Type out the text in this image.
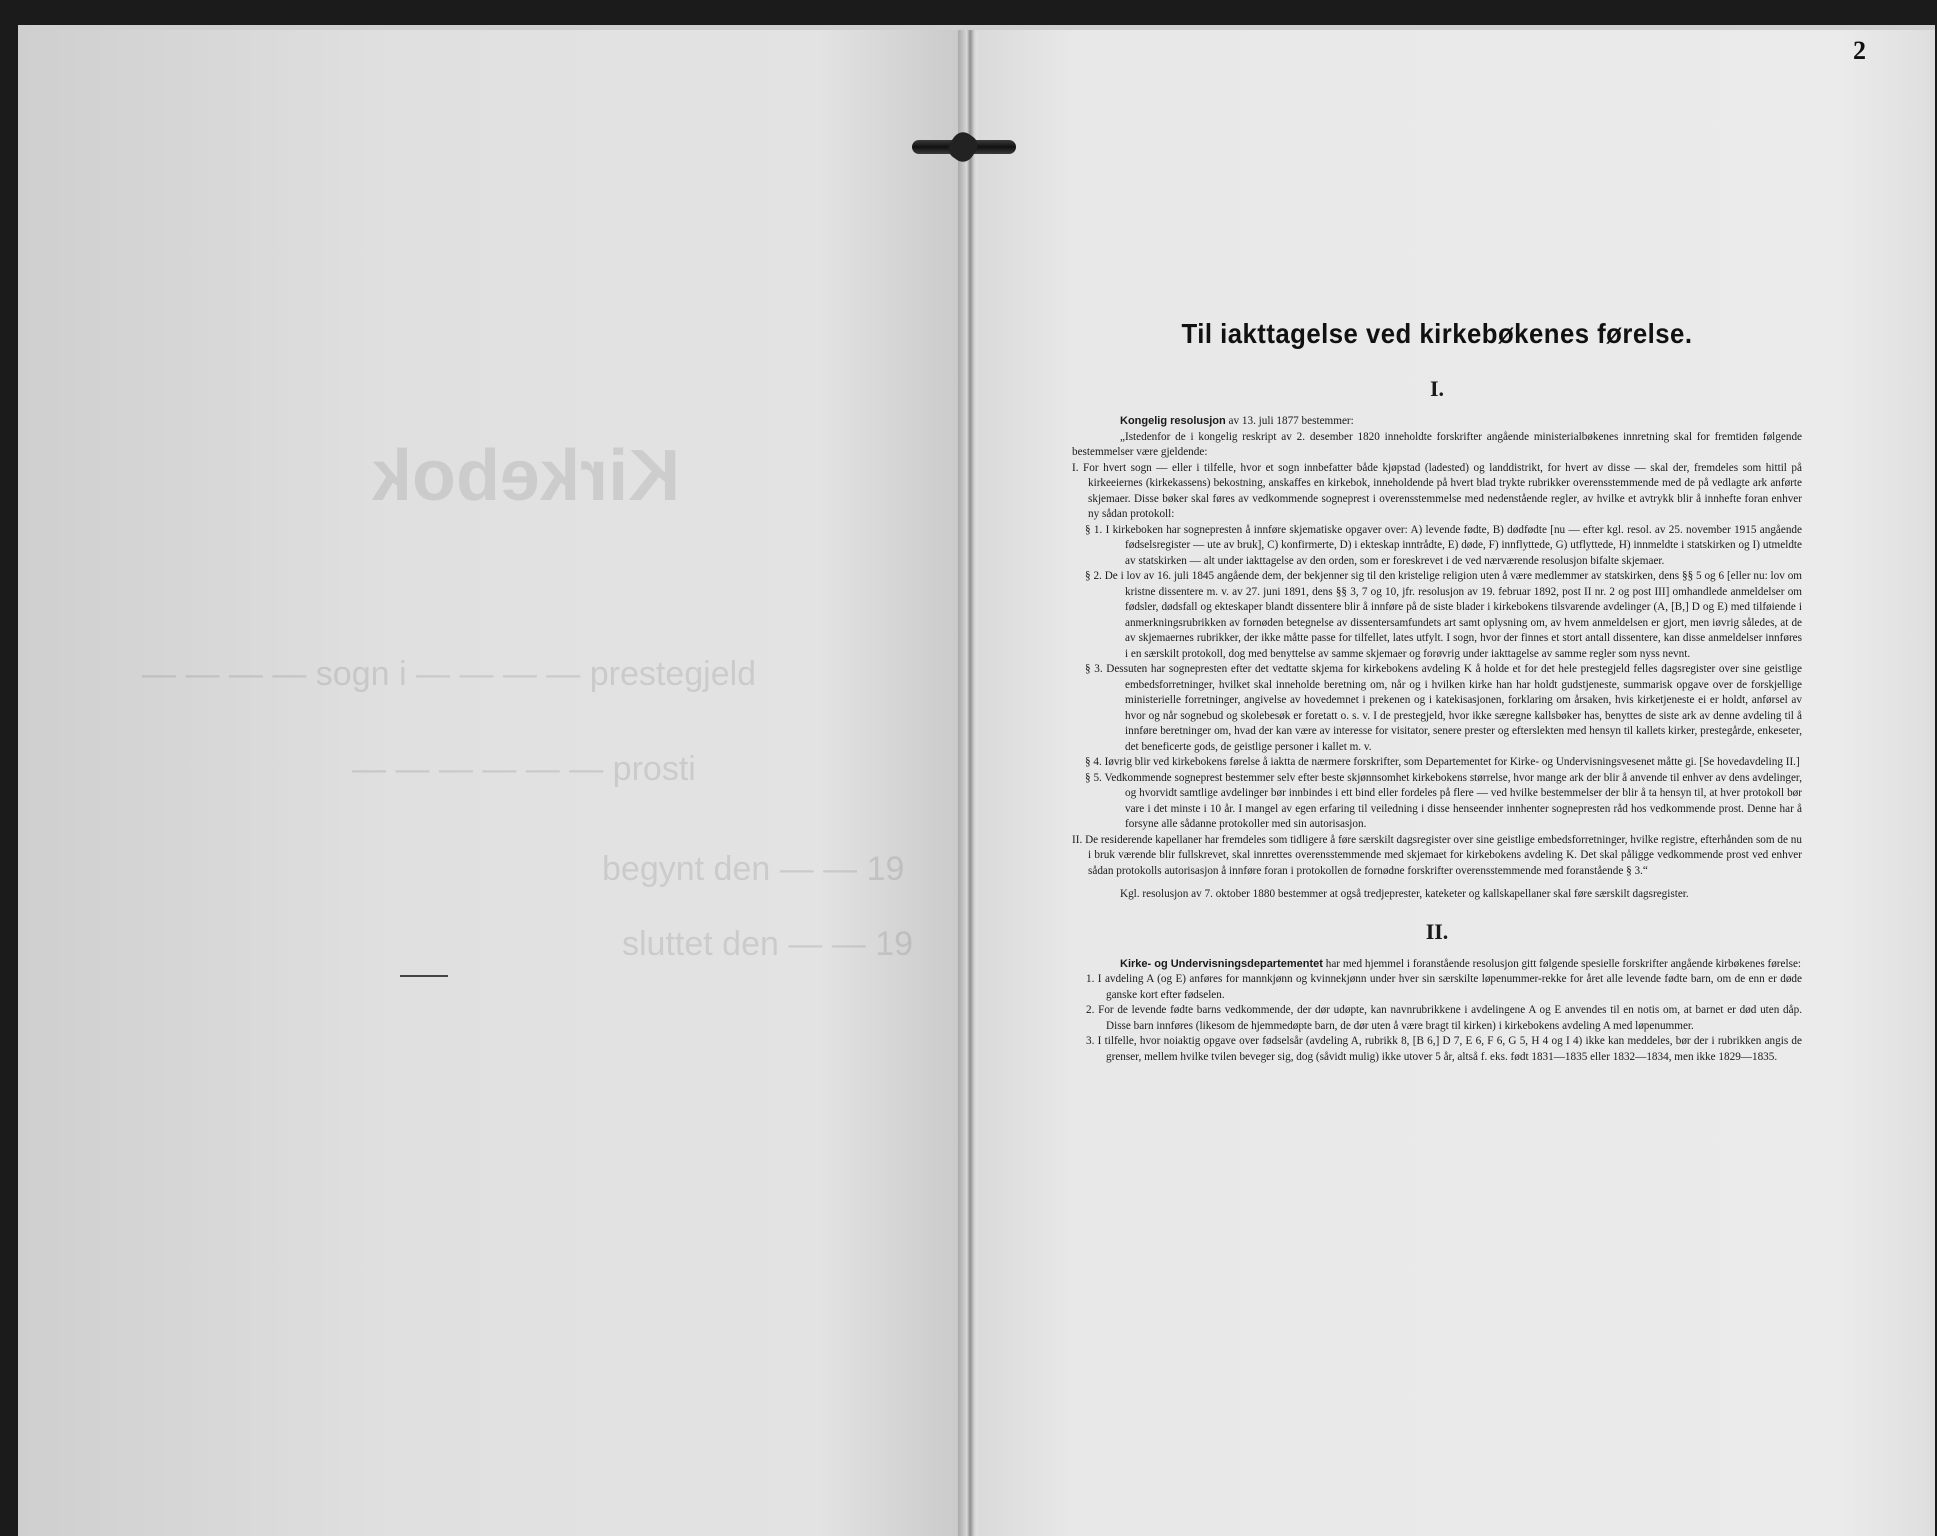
Kirkebok
— — — — sogn i — — — — prestegjeld
— — — — — — prosti
begynt den — — 19
sluttet den — — 19
2
Til iakttagelse ved kirkebøkenes førelse.
I.

Kongelig resolusjon av 13. juli 1877 bestemmer:

„Istedenfor de i kongelig reskript av 2. desember 1820 inneholdte forskrifter angående ministerialbøkenes innretning skal for fremtiden følgende bestemmelser være gjeldende:

I. For hvert sogn — eller i tilfelle, hvor et sogn innbefatter både kjøpstad (ladested) og landdistrikt, for hvert av disse — skal der, fremdeles som hittil på kirkeeiernes (kirkekassens) bekostning, anskaffes en kirkebok, inneholdende på hvert blad trykte rubrikker overensstemmende med de på vedlagte ark anførte skjemaer. Disse bøker skal føres av vedkommende sogneprest i overensstemmelse med nedenstående regler, av hvilke et avtrykk blir å innhefte foran enhver ny sådan protokoll:

§ 1. I kirkeboken har sognepresten å innføre skjematiske opgaver over: A) levende fødte, B) dødfødte [nu — efter kgl. resol. av 25. november 1915 angående fødselsregister — ute av bruk], C) konfirmerte, D) i ekteskap inntrådte, E) døde, F) innflyttede, G) utflyttede, H) innmeldte i statskirken og I) utmeldte av statskirken — alt under iakttagelse av den orden, som er foreskrevet i de ved nærværende resolusjon bifalte skjemaer.

§ 2. De i lov av 16. juli 1845 angående dem, der bekjenner sig til den kristelige religion uten å være medlemmer av statskirken, dens §§ 5 og 6 [eller nu: lov om kristne dissentere m. v. av 27. juni 1891, dens §§ 3, 7 og 10, jfr. resolusjon av 19. februar 1892, post II nr. 2 og post III] omhandlede anmeldelser om fødsler, dødsfall og ekteskaper blandt dissentere blir å innføre på de siste blader i kirkebokens tilsvarende avdelinger (A, [B,] D og E) med tilføiende i anmerkningsrubrikken av fornøden betegnelse av dissentersamfundets art samt oplysning om, av hvem anmeldelsen er gjort, men iøvrig således, at de av skjemaernes rubrikker, der ikke måtte passe for tilfellet, lates utfylt. I sogn, hvor der finnes et stort antall dissentere, kan disse anmeldelser innføres i en særskilt protokoll, dog med benyttelse av samme skjemaer og forøvrig under iakttagelse av samme regler som nyss nevnt.

§ 3. Dessuten har sognepresten efter det vedtatte skjema for kirkebokens avdeling K å holde et for det hele prestegjeld felles dagsregister over sine geistlige embedsforretninger, hvilket skal inneholde beretning om, når og i hvilken kirke han har holdt gudstjeneste, summarisk opgave over de forskjellige ministerielle forretninger, angivelse av hovedemnet i prekenen og i katekisasjonen, forklaring om årsaken, hvis kirketjeneste ei er holdt, anførsel av hvor og når sognebud og skolebesøk er foretatt o. s. v. I de prestegjeld, hvor ikke særegne kallsbøker has, benyttes de siste ark av denne avdeling til å innføre beretninger om, hvad der kan være av interesse for visitator, senere prester og efterslekten med hensyn til kallets kirker, prestegårde, enkeseter, det beneficerte gods, de geistlige personer i kallet m. v.

§ 4. Iøvrig blir ved kirkebokens førelse å iaktta de nærmere forskrifter, som Departementet for Kirke- og Undervisningsvesenet måtte gi. [Se hovedavdeling II.]

§ 5. Vedkommende sogneprest bestemmer selv efter beste skjønnsomhet kirkebokens størrelse, hvor mange ark der blir å anvende til enhver av dens avdelinger, og hvorvidt samtlige avdelinger bør innbindes i ett bind eller fordeles på flere — ved hvilke bestemmelser der blir å ta hensyn til, at hver protokoll bør vare i det minste i 10 år. I mangel av egen erfaring til veiledning i disse henseender innhenter sognepresten råd hos vedkommende prost. Denne har å forsyne alle sådanne protokoller med sin autorisasjon.

II. De residerende kapellaner har fremdeles som tidligere å føre særskilt dagsregister over sine geistlige embedsforretninger, hvilke registre, efterhånden som de nu i bruk værende blir fullskrevet, skal innrettes overensstemmende med skjemaet for kirkebokens avdeling K. Det skal påligge vedkommende prost ved enhver sådan protokolls autorisasjon å innføre foran i protokollen de fornødne forskrifter overensstemmende med foranstående § 3.“

Kgl. resolusjon av 7. oktober 1880 bestemmer at også tredjeprester, kateketer og kallskapellaner skal føre særskilt dagsregister.

II.

Kirke- og Undervisningsdepartementet har med hjemmel i foranstående resolusjon gitt følgende spesielle forskrifter angående kirbøkenes førelse:

1. I avdeling A (og E) anføres for mannkjønn og kvinnekjønn under hver sin særskilte løpenummer-rekke for året alle levende fødte barn, om de enn er døde ganske kort efter fødselen.

2. For de levende fødte barns vedkommende, der dør udøpte, kan navnrubrikkene i avdelingene A og E anvendes til en notis om, at barnet er død uten dåp. Disse barn innføres (likesom de hjemmedøpte barn, de dør uten å være bragt til kirken) i kirkebokens avdeling A med løpenummer.

3. I tilfelle, hvor noiaktig opgave over fødselsår (avdeling A, rubrikk 8, [B 6,] D 7, E 6, F 6, G 5, H 4 og I 4) ikke kan meddeles, bør der i rubrikken angis de grenser, mellem hvilke tvilen beveger sig, dog (såvidt mulig) ikke utover 5 år, altså f. eks. født 1831—1835 eller 1832—1834, men ikke 1829—1835.
